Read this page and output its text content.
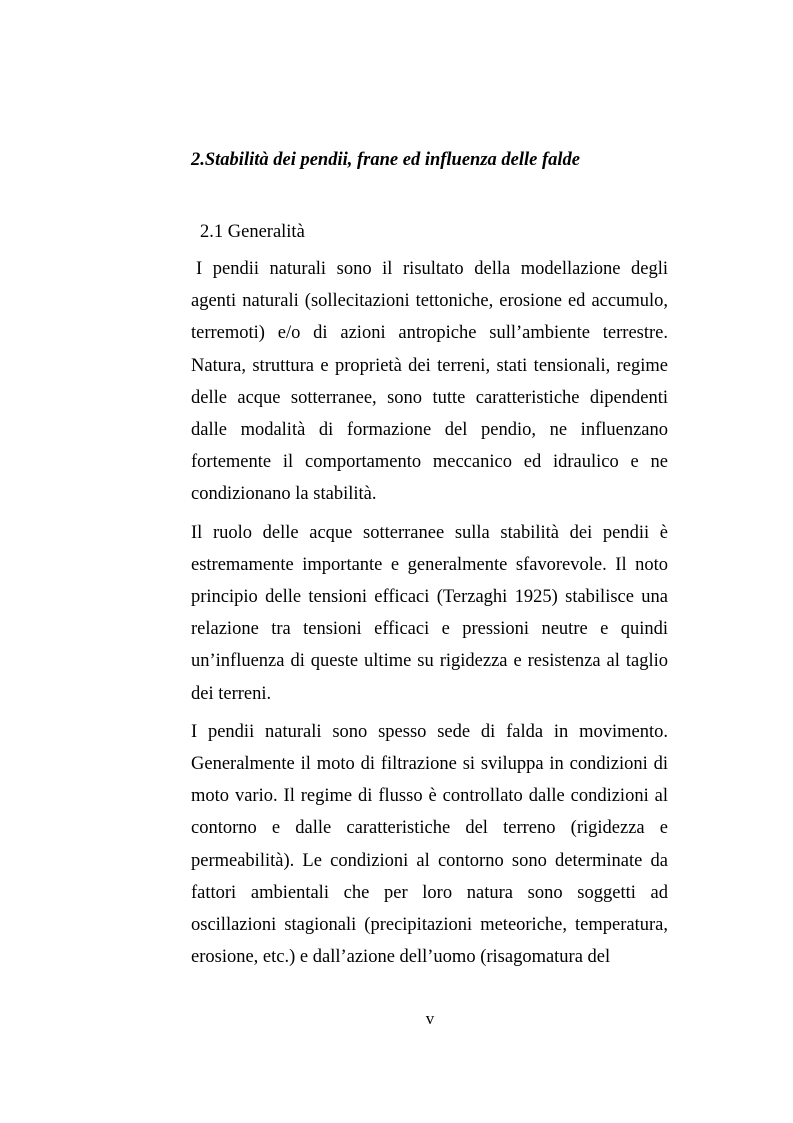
2.Stabilità dei pendii, frane ed influenza delle falde
2.1 Generalità

I pendii naturali sono il risultato della modellazione degli agenti naturali (sollecitazioni tettoniche, erosione ed accumulo, terremoti) e/o di azioni antropiche sull’ambiente terrestre. Natura, struttura e proprietà dei terreni, stati tensionali, regime delle acque sotterranee, sono tutte caratteristiche dipendenti dalle modalità di formazione del pendio, ne influenzano fortemente il comportamento meccanico ed idraulico e ne condizionano la stabilità.

Il ruolo delle acque sotterranee sulla stabilità dei pendii è estremamente importante e generalmente sfavorevole. Il noto principio delle tensioni efficaci (Terzaghi 1925) stabilisce una relazione tra tensioni efficaci e pressioni neutre e quindi un’influenza di queste ultime su rigidezza e resistenza al taglio dei terreni.

I pendii naturali sono spesso sede di falda in movimento. Generalmente il moto di filtrazione si sviluppa in condizioni di moto vario. Il regime di flusso è controllato dalle condizioni al contorno e dalle caratteristiche del terreno (rigidezza e permeabilità). Le condizioni al contorno sono determinate da fattori ambientali che per loro natura sono soggetti ad oscillazioni stagionali (precipitazioni meteoriche, temperatura, erosione, etc.) e dall’azione dell’uomo (risagomatura del

v
